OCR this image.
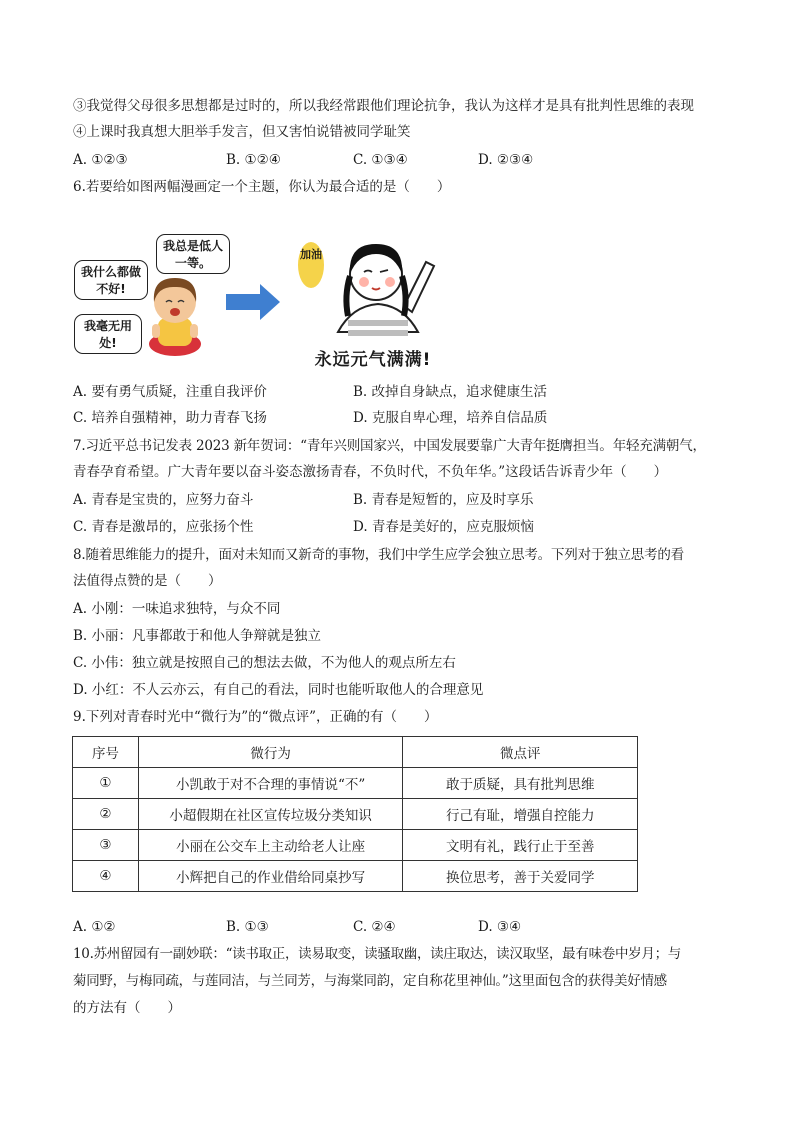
③我觉得父母很多思想都是过时的，所以我经常跟他们理论抗争，我认为这样才是具有批判性思维的表现
④上课时我真想大胆举手发言，但又害怕说错被同学耻笑
A. ①②③	B. ①②④	C. ①③④	D. ②③④
6.若要给如图两幅漫画定一个主题，你认为最合适的是（　　）
我总是低人一等。
我什么都做不好!
我毫无用处!
加油
永远元气满满!
A. 要有勇气质疑，注重自我评价	B. 改掉自身缺点，追求健康生活
C. 培养自强精神，助力青春飞扬	D. 克服自卑心理，培养自信品质
7.习近平总书记发表 2023 新年贺词：“青年兴则国家兴，中国发展要靠广大青年挺膺担当。年轻充满朝气，
青春孕育希望。广大青年要以奋斗姿态激扬青春，不负时代，不负年华。”这段话告诉青少年（　　）
A. 青春是宝贵的，应努力奋斗	B. 青春是短暂的，应及时享乐
C. 青春是激昂的，应张扬个性	D. 青春是美好的，应克服烦恼
8.随着思维能力的提升，面对未知而又新奇的事物，我们中学生应学会独立思考。下列对于独立思考的看
法值得点赞的是（　　）
A. 小刚：一味追求独特，与众不同
B. 小丽：凡事都敢于和他人争辩就是独立
C. 小伟：独立就是按照自己的想法去做，不为他人的观点所左右
D. 小红：不人云亦云，有自己的看法，同时也能听取他人的合理意见
9.下列对青春时光中“微行为”的“微点评”，正确的有（　　）
序号	微行为	微点评
①	小凯敢于对不合理的事情说“不”	敢于质疑，具有批判思维
②	小超假期在社区宣传垃圾分类知识	行己有耻，增强自控能力
③	小丽在公交车上主动给老人让座	文明有礼，践行止于至善
④	小辉把自己的作业借给同桌抄写	换位思考，善于关爱同学
A. ①②	B. ①③	C. ②④	D. ③④
10.苏州留园有一副妙联：“读书取正，读易取变，读骚取幽，读庄取达，读汉取坚，最有味卷中岁月；与
菊同野，与梅同疏，与莲同洁，与兰同芳，与海棠同韵，定自称花里神仙。”这里面包含的获得美好情感
的方法有（　　）
